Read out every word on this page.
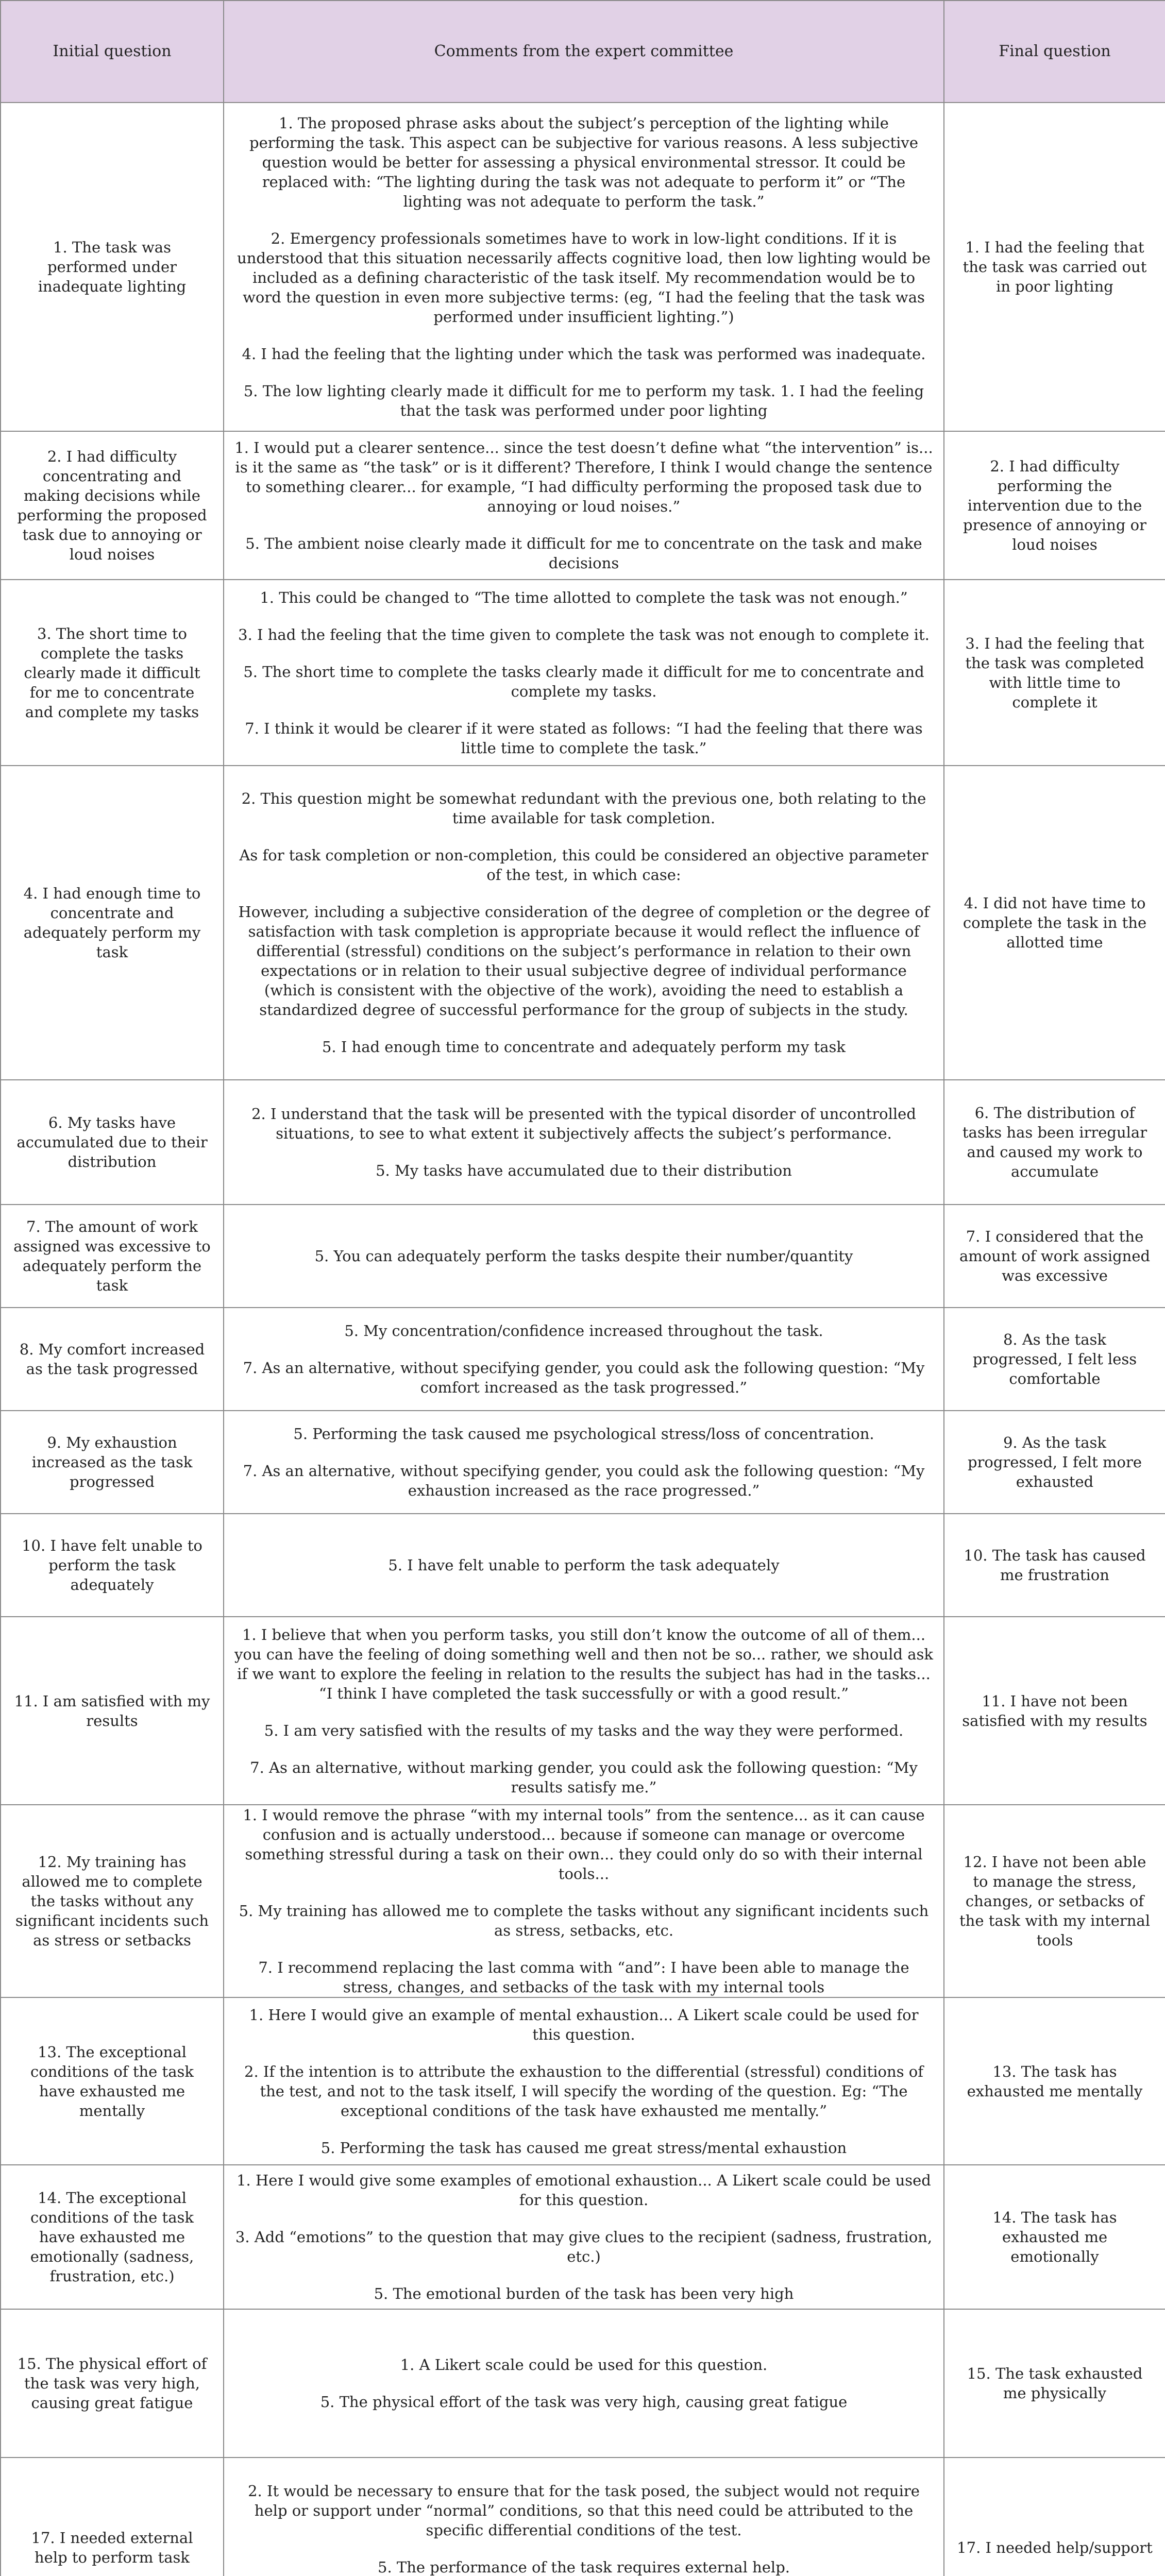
Initial question	Comments from the expert committee	Final question
1. The task was performed under inadequate lighting	1. The proposed phrase asks about the subject’s perception of the lighting while performing the task. This aspect can be subjective for various reasons. A less subjective question would be better for assessing a physical environmental stressor. It could be replaced with: “The lighting during the task was not adequate to perform it” or “The lighting was not adequate to perform the task.”

2. Emergency professionals sometimes have to work in low-light conditions. If it is understood that this situation necessarily affects cognitive load, then low lighting would be included as a defining characteristic of the task itself. My recommendation would be to word the question in even more subjective terms: (eg, “I had the feeling that the task was performed under insufficient lighting.”)

4. I had the feeling that the lighting under which the task was performed was inadequate.

5. The low lighting clearly made it difficult for me to perform my task. 1. I had the feeling that the task was performed under poor lighting	1. I had the feeling that the task was carried out in poor lighting
2. I had difficulty concentrating and making decisions while performing the proposed task due to annoying or loud noises	1. I would put a clearer sentence... since the test doesn’t define what “the intervention” is... is it the same as “the task” or is it different? Therefore, I think I would change the sentence to something clearer... for example, “I had difficulty performing the proposed task due to annoying or loud noises.”

5. The ambient noise clearly made it difficult for me to concentrate on the task and make decisions	2. I had difficulty performing the intervention due to the presence of annoying or loud noises
3. The short time to complete the tasks clearly made it difficult for me to concentrate and complete my tasks	1. This could be changed to “The time allotted to complete the task was not enough.”

3. I had the feeling that the time given to complete the task was not enough to complete it.

5. The short time to complete the tasks clearly made it difficult for me to concentrate and complete my tasks.

7. I think it would be clearer if it were stated as follows: “I had the feeling that there was little time to complete the task.”	3. I had the feeling that the task was completed with little time to complete it
4. I had enough time to concentrate and adequately perform my task	2. This question might be somewhat redundant with the previous one, both relating to the time available for task completion.

As for task completion or non-completion, this could be considered an objective parameter of the test, in which case:

However, including a subjective consideration of the degree of completion or the degree of satisfaction with task completion is appropriate because it would reflect the influence of differential (stressful) conditions on the subject’s performance in relation to their own expectations or in relation to their usual subjective degree of individual performance (which is consistent with the objective of the work), avoiding the need to establish a standardized degree of successful performance for the group of subjects in the study.

5. I had enough time to concentrate and adequately perform my task	4. I did not have time to complete the task in the allotted time
6. My tasks have accumulated due to their distribution	2. I understand that the task will be presented with the typical disorder of uncontrolled situations, to see to what extent it subjectively affects the subject’s performance.

5. My tasks have accumulated due to their distribution	6. The distribution of tasks has been irregular and caused my work to accumulate
7. The amount of work assigned was excessive to adequately perform the task	5. You can adequately perform the tasks despite their number/quantity	7. I considered that the amount of work assigned was excessive
8. My comfort increased as the task progressed	5. My concentration/confidence increased throughout the task.

7. As an alternative, without specifying gender, you could ask the following question: “My comfort increased as the task progressed.”	8. As the task progressed, I felt less comfortable
9. My exhaustion increased as the task progressed	5. Performing the task caused me psychological stress/loss of concentration.

7. As an alternative, without specifying gender, you could ask the following question: “My exhaustion increased as the race progressed.”	9. As the task progressed, I felt more exhausted
10. I have felt unable to perform the task adequately	5. I have felt unable to perform the task adequately	10. The task has caused me frustration
11. I am satisfied with my results	1. I believe that when you perform tasks, you still don’t know the outcome of all of them... you can have the feeling of doing something well and then not be so... rather, we should ask if we want to explore the feeling in relation to the results the subject has had in the tasks... “I think I have completed the task successfully or with a good result.”

5. I am very satisfied with the results of my tasks and the way they were performed.

7. As an alternative, without marking gender, you could ask the following question: “My results satisfy me.”	11. I have not been satisfied with my results
12. My training has allowed me to complete the tasks without any significant incidents such as stress or setbacks	1. I would remove the phrase “with my internal tools” from the sentence... as it can cause confusion and is actually understood... because if someone can manage or overcome something stressful during a task on their own... they could only do so with their internal tools...

5. My training has allowed me to complete the tasks without any significant incidents such as stress, setbacks, etc.

7. I recommend replacing the last comma with “and”: I have been able to manage the stress, changes, and setbacks of the task with my internal tools	12. I have not been able to manage the stress, changes, or setbacks of the task with my internal tools
13. The exceptional conditions of the task have exhausted me mentally	1. Here I would give an example of mental exhaustion... A Likert scale could be used for this question.

2. If the intention is to attribute the exhaustion to the differential (stressful) conditions of the test, and not to the task itself, I will specify the wording of the question. Eg: “The exceptional conditions of the task have exhausted me mentally.”

5. Performing the task has caused me great stress/mental exhaustion	13. The task has exhausted me mentally
14. The exceptional conditions of the task have exhausted me emotionally (sadness, frustration, etc.)	1. Here I would give some examples of emotional exhaustion... A Likert scale could be used for this question.

3. Add “emotions” to the question that may give clues to the recipient (sadness, frustration, etc.)

5. The emotional burden of the task has been very high	14. The task has exhausted me emotionally
15. The physical effort of the task was very high, causing great fatigue	1. A Likert scale could be used for this question.

5. The physical effort of the task was very high, causing great fatigue	15. The task exhausted me physically
17. I needed external help to perform task	2. It would be necessary to ensure that for the task posed, the subject would not require help or support under “normal” conditions, so that this need could be attributed to the specific differential conditions of the test.

5. The performance of the task requires external help.	17. I needed help/support
